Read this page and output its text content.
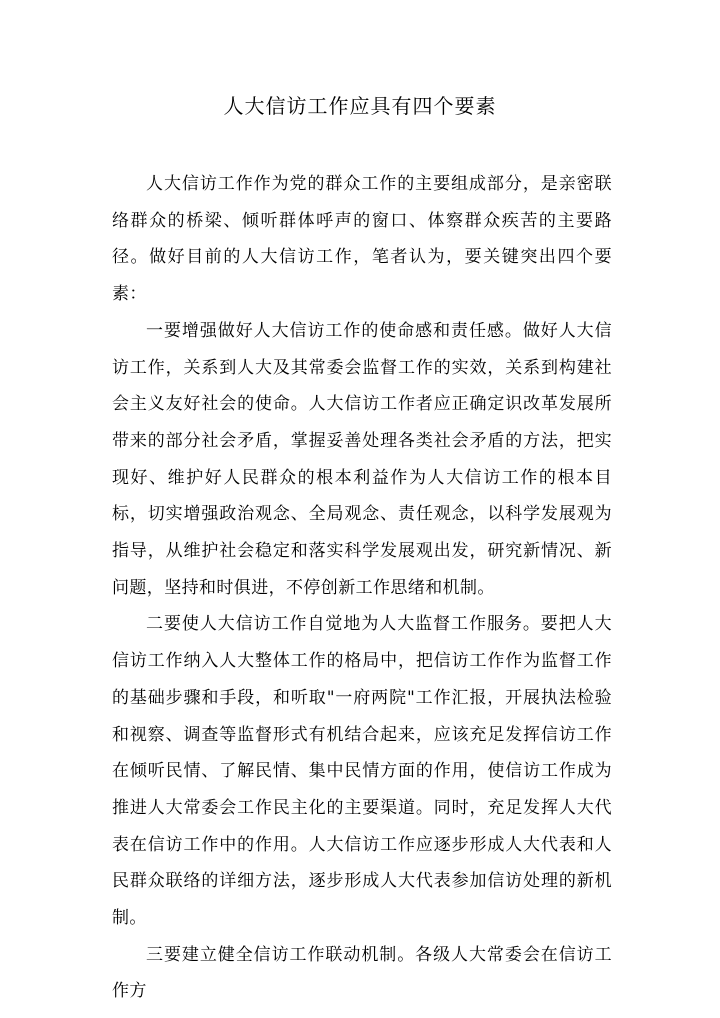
人大信访工作应具有四个要素

人大信访工作作为党的群众工作的主要组成部分，是亲密联络群众的桥梁、倾听群体呼声的窗口、体察群众疾苦的主要路径。做好目前的人大信访工作，笔者认为，要关键突出四个要素：

一要增强做好人大信访工作的使命感和责任感。做好人大信访工作，关系到人大及其常委会监督工作的实效，关系到构建社会主义友好社会的使命。人大信访工作者应正确定识改革发展所带来的部分社会矛盾，掌握妥善处理各类社会矛盾的方法，把实现好、维护好人民群众的根本利益作为人大信访工作的根本目标，切实增强政治观念、全局观念、责任观念，以科学发展观为指导，从维护社会稳定和落实科学发展观出发，研究新情况、新问题，坚持和时俱进，不停创新工作思绪和机制。

二要使人大信访工作自觉地为人大监督工作服务。要把人大信访工作纳入人大整体工作的格局中，把信访工作作为监督工作的基础步骤和手段，和听取"一府两院"工作汇报，开展执法检验和视察、调查等监督形式有机结合起来，应该充足发挥信访工作在倾听民情、了解民情、集中民情方面的作用，使信访工作成为推进人大常委会工作民主化的主要渠道。同时，充足发挥人大代表在信访工作中的作用。人大信访工作应逐步形成人大代表和人民群众联络的详细方法，逐步形成人大代表参加信访处理的新机制。

三要建立健全信访工作联动机制。各级人大常委会在信访工作方
